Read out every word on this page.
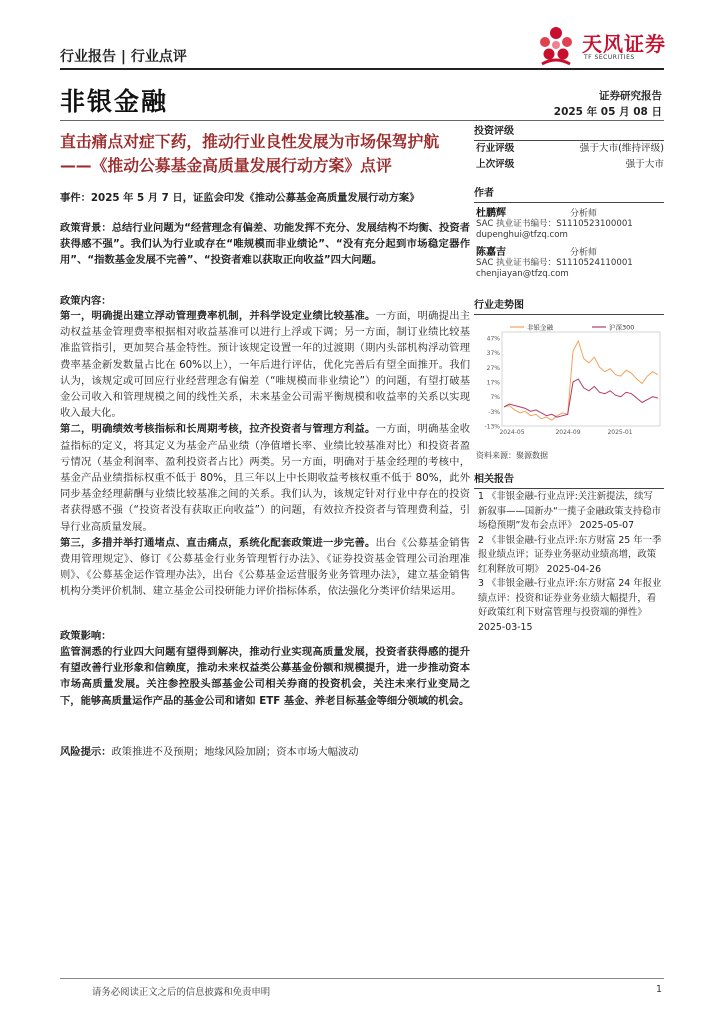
行业报告 | 行业点评
天风证券
TF SECURITIES
非银金融	证券研究报告
2025 年 05 月 08 日
直击痛点对症下药，推动行业良性发展为市场保驾护航——《推动公募基金高质量发展行动方案》点评
事件：2025 年 5 月 7 日，证监会印发《推动公募基金高质量发展行动方案》
政策背景：总结行业问题为“经营理念有偏差、功能发挥不充分、发展结构不均衡、投资者获得感不强”。我们认为行业或存在“唯规模而非业绩论”、“没有充分起到市场稳定器作用”、“指数基金发展不完善”、“投资者难以获取正向收益”四大问题。
政策内容：

第一，明确提出建立浮动管理费率机制，并科学设定业绩比较基准。一方面，明确提出主动权益基金管理费率根据相对收益基准可以进行上浮或下调；另一方面，制订业绩比较基准监管指引，更加契合基金特性。预计该规定设置一年的过渡期（期内头部机构浮动管理费率基金新发数量占比在 60%以上），一年后进行评估，优化完善后有望全面推开。我们认为，该规定或可回应行业经营理念有偏差（“唯规模而非业绩论”）的问题，有望打破基金公司收入和管理规模之间的线性关系，未来基金公司需平衡规模和收益率的关系以实现收入最大化。

第二，明确绩效考核指标和长周期考核，拉齐投资者与管理方利益。一方面，明确基金收益指标的定义，将其定义为基金产品业绩（净值增长率、业绩比较基准对比）和投资者盈亏情况（基金利润率、盈利投资者占比）两类。另一方面，明确对于基金经理的考核中，基金产品业绩指标权重不低于 80%，且三年以上中长期收益考核权重不低于 80%，此外同步基金经理薪酬与业绩比较基准之间的关系。我们认为，该规定针对行业中存在的投资者获得感不强（“投资者没有获取正向收益”）的问题，有效拉齐投资者与管理费利益，引导行业高质量发展。

第三，多措并举打通堵点、直击痛点，系统化配套政策进一步完善。出台《公募基金销售费用管理规定》、修订《公募基金行业务管理暂行办法》、《证券投资基金管理公司治理准则》、《公募基金运作管理办法》，出台《公募基金运营服务业务管理办法》，建立基金销售机构分类评价机制、建立基金公司投研能力评价指标体系，依法强化分类评价结果运用。

政策影响：
监管洞悉的行业四大问题有望得到解决，推动行业实现高质量发展，投资者获得感的提升有望改善行业形象和信赖度，推动未来权益类公募基金份额和规模提升，进一步推动资本市场高质量发展。关注参控股头部基金公司相关券商的投资机会，关注未来行业变局之下，能够高质量运作产品的基金公司和诸如 ETF 基金、养老目标基金等细分领域的机会。
风险提示：政策推进不及预期；地缘风险加剧；资本市场大幅波动
投资评级
行业评级	强于大市(维持评级)
上次评级	强于大市
作者
杜鹏辉	分析师
SAC 执业证书编号：S1110523100001
dupenghui@tfzq.com
陈嘉吉	分析师
SAC 执业证书编号：S1110524110001
chenjiayan@tfzq.com
行业走势图
-13%
-3%
7%
17%
27%
37%
47%
2024-05	2024-09	2025-01
非银金融	沪深300
资料来源：聚源数据
相关报告
1 《非银金融-行业点评:关注新提法，续写新叙事——国新办“一揽子金融政策支持稳市场稳预期”发布会点评》 2025-05-07
2 《非银金融-行业点评:东方财富 25 年一季报业绩点评；证券业务驱动业绩高增，政策红利释放可期》 2025-04-26
3 《非银金融-行业点评:东方财富 24 年报业绩点评：投资和证券业务业绩大幅提升，看好政策红利下财富管理与投资端的弹性》 2025-03-15
请务必阅读正文之后的信息披露和免责申明	1
